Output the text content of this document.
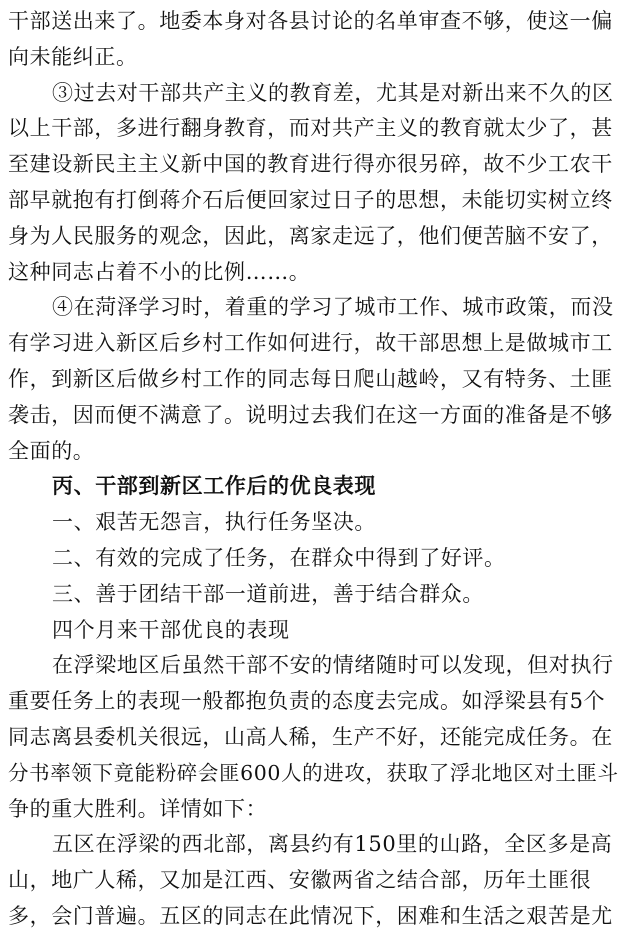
干部送出来了。地委本身对各县讨论的名单审查不够，使这一偏
向未能纠正。
③过去对干部共产主义的教育差，尤其是对新出来不久的区
以上干部，多进行翻身教育，而对共产主义的教育就太少了，甚
至建设新民主主义新中国的教育进行得亦很另碎，故不少工农干
部早就抱有打倒蒋介石后便回家过日子的思想，未能切实树立终
身为人民服务的观念，因此，离家走远了，他们便苦脑不安了，
这种同志占着不小的比例……。
④在菏泽学习时，着重的学习了城市工作、城市政策，而没
有学习进入新区后乡村工作如何进行，故干部思想上是做城市工
作，到新区后做乡村工作的同志每日爬山越岭，又有特务、土匪
袭击，因而便不满意了。说明过去我们在这一方面的准备是不够
全面的。
丙、干部到新区工作后的优良表现
一、艰苦无怨言，执行任务坚决。
二、有效的完成了任务，在群众中得到了好评。
三、善于团结干部一道前进，善于结合群众。
四个月来干部优良的表现
在浮梁地区后虽然干部不安的情绪随时可以发现，但对执行
重要任务上的表现一般都抱负责的态度去完成。如浮梁县有5个
同志离县委机关很远，山高人稀，生产不好，还能完成任务。在
分书率领下竟能粉碎会匪600人的进攻，获取了浮北地区对土匪斗
争的重大胜利。详情如下：
五区在浮梁的西北部，离县约有150里的山路，全区多是高
山，地广人稀，又加是江西、安徽两省之结合部，历年土匪很
多，会门普遍。五区的同志在此情况下，困难和生活之艰苦是尤
